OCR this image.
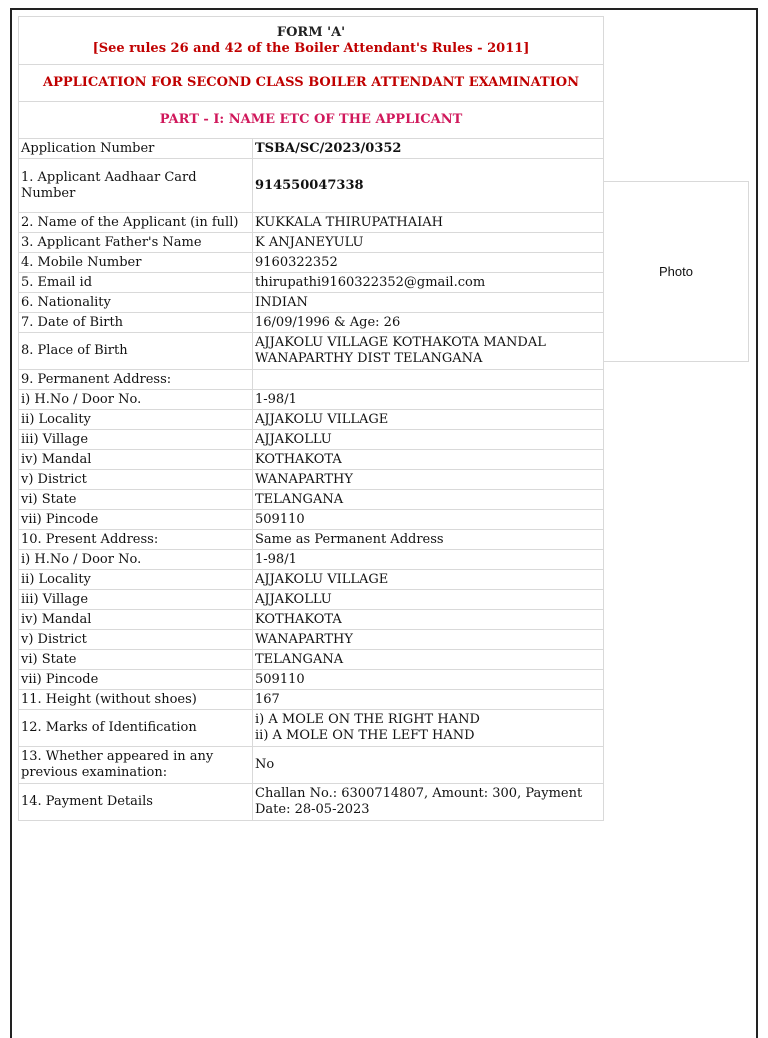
FORM 'A'
[See rules 26 and 42 of the Boiler Attendant's Rules - 2011]	

APPLICATION FOR SECOND CLASS BOILER ATTENDANT EXAMINATION	
PART - I: NAME ETC OF THE APPLICANT	
Application Number	TSBA/SC/2023/0352
1. Applicant Aadhaar Card Number	914550047338
2. Name of the Applicant (in full)	KUKKALA THIRUPATHAIAH
3. Applicant Father's Name	K ANJANEYULU
4. Mobile Number	9160322352
5. Email id	thirupathi9160322352@gmail.com
6. Nationality	INDIAN
7. Date of Birth	16/09/1996 & Age: 26
8. Place of Birth	AJJAKOLU VILLAGE KOTHAKOTA MANDAL
WANAPARTHY DIST TELANGANA

9. Permanent Address:	
i) H.No / Door No.	1-98/1
ii) Locality	AJJAKOLU VILLAGE
iii) Village	AJJAKOLLU
iv) Mandal	KOTHAKOTA
v) District	WANAPARTHY
vi) State	TELANGANA
vii) Pincode	509110
10. Present Address:	Same as Permanent Address
i) H.No / Door No.	1-98/1
ii) Locality	AJJAKOLU VILLAGE
iii) Village	AJJAKOLLU
iv) Mandal	KOTHAKOTA
v) District	WANAPARTHY
vi) State	TELANGANA
vii) Pincode	509110
11. Height (without shoes)	167
12. Marks of Identification	i) A MOLE ON THE RIGHT HAND
ii) A MOLE ON THE LEFT HAND

13. Whether appeared in any
previous examination:	No
14. Payment Details	Challan No.: 6300714807, Amount: 300, Payment
Date: 28-05-2023
Photo
